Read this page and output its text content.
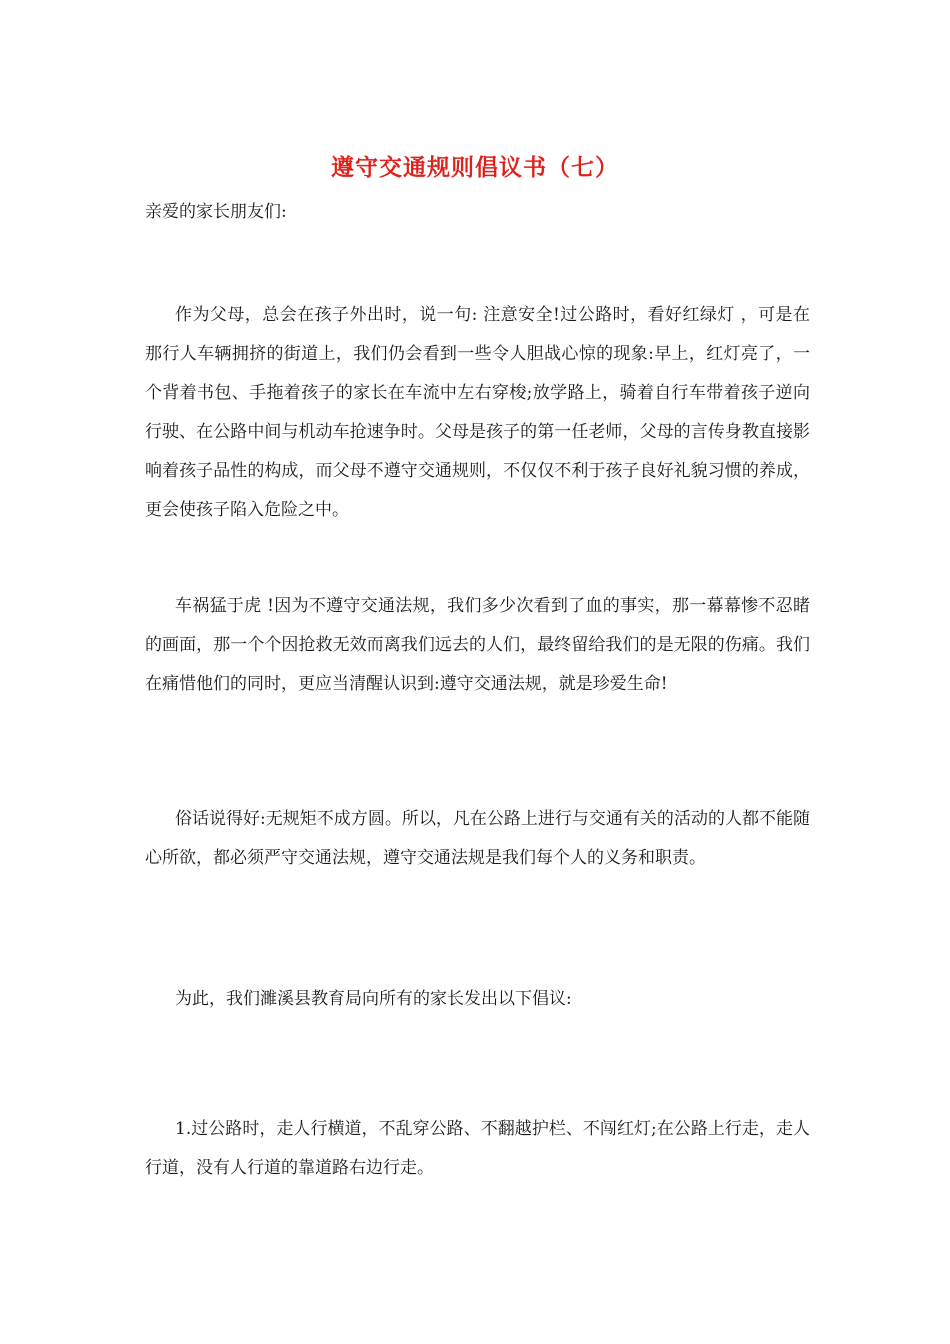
遵守交通规则倡议书（七）
亲爱的家长朋友们:

作为父母，总会在孩子外出时，说一句: 注意安全!过公路时，看好红绿灯 ，可是在那行人车辆拥挤的街道上，我们仍会看到一些令人胆战心惊的现象:早上，红灯亮了，一个背着书包、手拖着孩子的家长在车流中左右穿梭;放学路上，骑着自行车带着孩子逆向行驶、在公路中间与机动车抢速争时。父母是孩子的第一任老师，父母的言传身教直接影响着孩子品性的构成，而父母不遵守交通规则，不仅仅不利于孩子良好礼貌习惯的养成，更会使孩子陷入危险之中。

车祸猛于虎 !因为不遵守交通法规，我们多少次看到了血的事实，那一幕幕惨不忍睹的画面，那一个个因抢救无效而离我们远去的人们，最终留给我们的是无限的伤痛。我们在痛惜他们的同时，更应当清醒认识到:遵守交通法规，就是珍爱生命!

俗话说得好:无规矩不成方圆。所以，凡在公路上进行与交通有关的活动的人都不能随心所欲，都必须严守交通法规，遵守交通法规是我们每个人的义务和职责。

为此，我们濉溪县教育局向所有的家长发出以下倡议:

1.过公路时，走人行横道，不乱穿公路、不翻越护栏、不闯红灯;在公路上行走，走人行道，没有人行道的靠道路右边行走。
